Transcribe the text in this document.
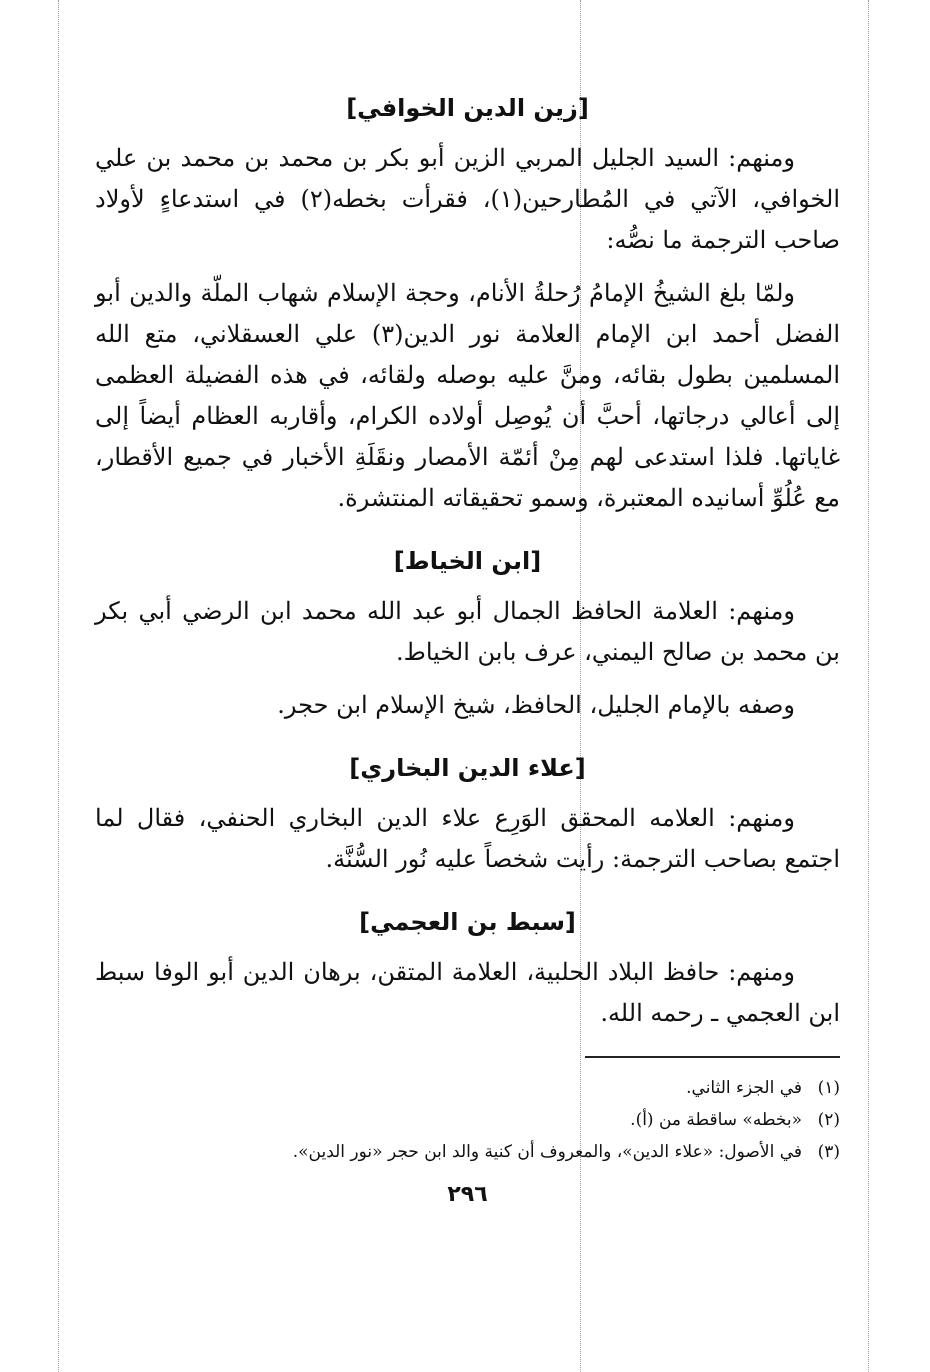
[زين الدين الخوافي]

ومنهم: السيد الجليل المربي الزين أبو بكر بن محمد بن محمد بن علي الخوافي، الآتي في المُطارحين(١)، فقرأت بخطه(٢) في استدعاءٍ لأولاد صاحب الترجمة ما نصُّه:

ولمّا بلغ الشيخُ الإمامُ رُحلةُ الأنام، وحجة الإسلام شهاب الملّة والدين أبو الفضل أحمد ابن الإمام العلامة نور الدين(٣) علي العسقلاني، متع الله المسلمين بطول بقائه، ومنَّ عليه بوصله ولقائه، في هذه الفضيلة العظمى إلى أعالي درجاتها، أحبَّ أن يُوصِل أولاده الكرام، وأقاربه العظام أيضاً إلى غاياتها. فلذا استدعى لهم مِنْ أئمّة الأمصار ونقَلَةِ الأخبار في جميع الأقطار، مع عُلُوِّ أسانيده المعتبرة، وسمو تحقيقاته المنتشرة.

[ابن الخياط]

ومنهم: العلامة الحافظ الجمال أبو عبد الله محمد ابن الرضي أبي بكر بن محمد بن صالح اليمني، عرف بابن الخياط.

وصفه بالإمام الجليل، الحافظ، شيخ الإسلام ابن حجر.

[علاء الدين البخاري]

ومنهم: العلامه المحقق الوَرِع علاء الدين البخاري الحنفي، فقال لما اجتمع بصاحب الترجمة: رأيت شخصاً عليه نُور السُّنَّة.

[سبط بن العجمي]

ومنهم: حافظ البلاد الحلبية، العلامة المتقن، برهان الدين أبو الوفا سبط ابن العجمي ـ رحمه الله.

(١)في الجزء الثاني.

(٢)«بخطه» ساقطة من (أ).

(٣)في الأصول: «علاء الدين»، والمعروف أن كنية والد ابن حجر «نور الدين».

٢٩٦
